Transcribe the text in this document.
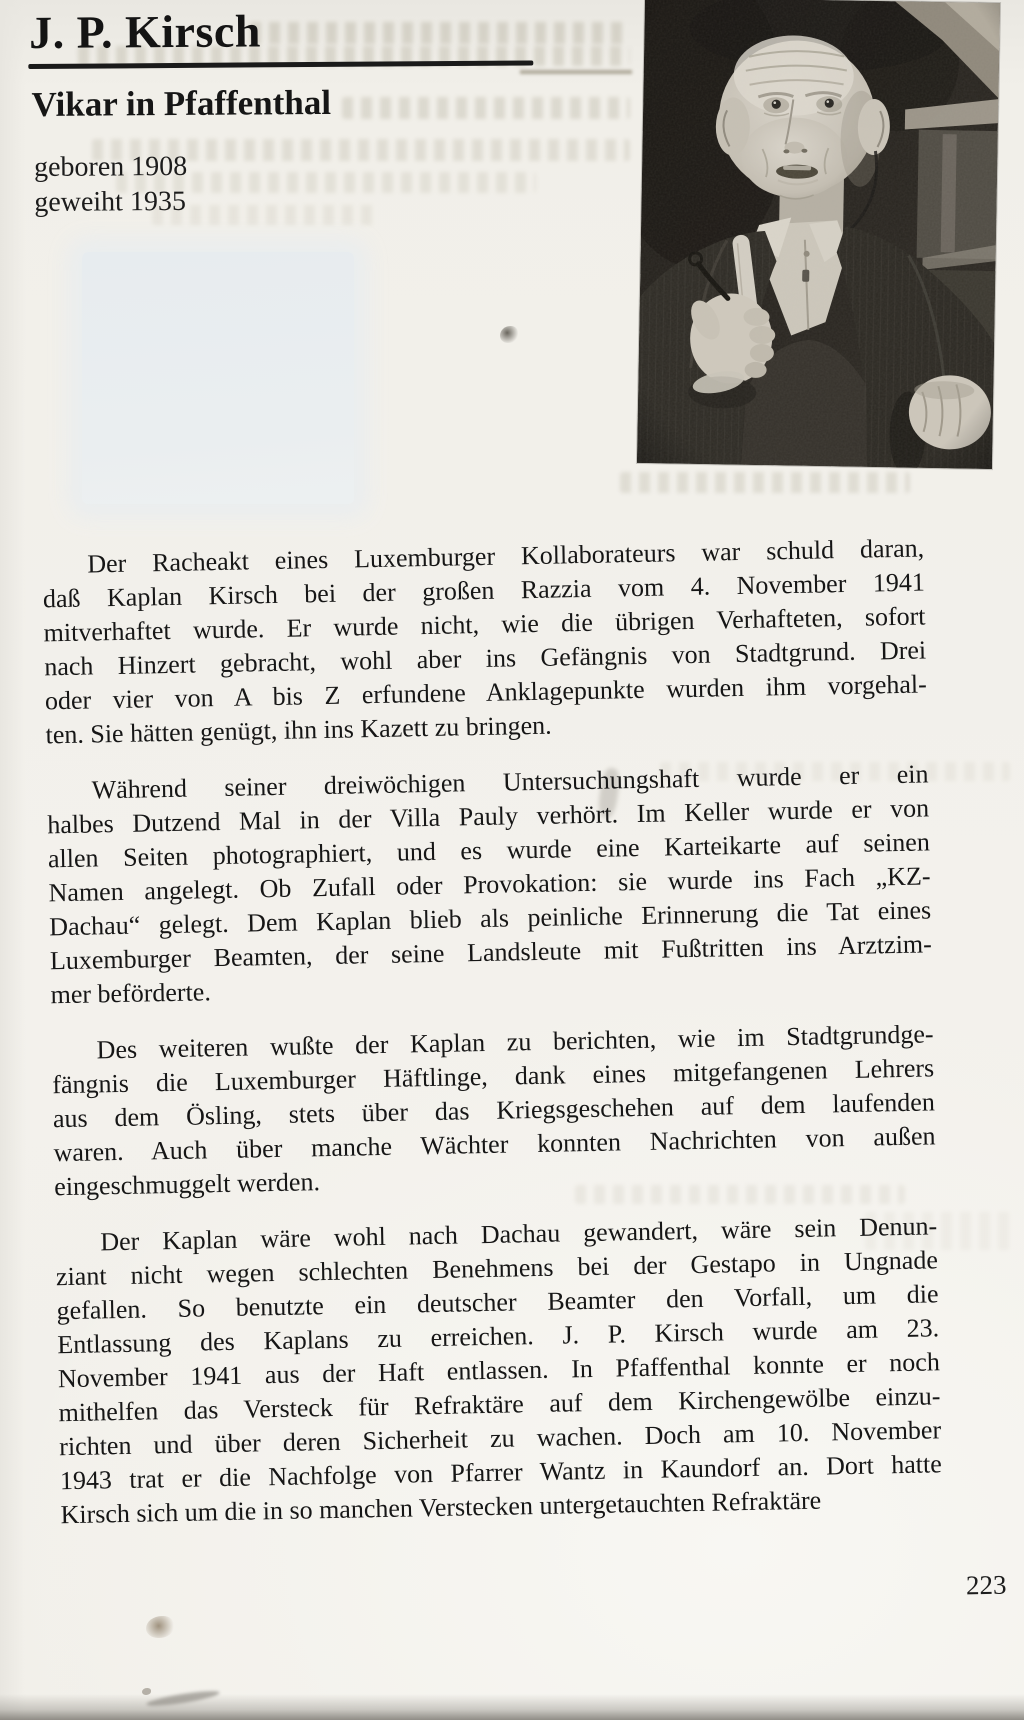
J. P. Kirsch
Vikar in Pfaffenthal
geboren 1908
geweiht 1935
Der Racheakt eines Luxemburger Kollaborateurs war schuld daran,
daß Kaplan Kirsch bei der großen Razzia vom 4. November 1941
mitverhaftet wurde. Er wurde nicht, wie die übrigen Verhafteten, sofort
nach Hinzert gebracht, wohl aber ins Gefängnis von Stadtgrund. Drei
oder vier von A bis Z erfundene Anklagepunkte wurden ihm vorgehal-
ten. Sie hätten genügt, ihn ins Kazett zu bringen.
Während seiner dreiwöchigen Untersuchungshaft wurde er ein
halbes Dutzend Mal in der Villa Pauly verhört. Im Keller wurde er von
allen Seiten photographiert, und es wurde eine Karteikarte auf seinen
Namen angelegt. Ob Zufall oder Provokation: sie wurde ins Fach „KZ-
Dachau“ gelegt. Dem Kaplan blieb als peinliche Erinnerung die Tat eines
Luxemburger Beamten, der seine Landsleute mit Fußtritten ins Arztzim-
mer beförderte.
Des weiteren wußte der Kaplan zu berichten, wie im Stadtgrundge-
fängnis die Luxemburger Häftlinge, dank eines mitgefangenen Lehrers
aus dem Ösling, stets über das Kriegsgeschehen auf dem laufenden
waren. Auch über manche Wächter konnten Nachrichten von außen
eingeschmuggelt werden.
Der Kaplan wäre wohl nach Dachau gewandert, wäre sein Denun-
ziant nicht wegen schlechten Benehmens bei der Gestapo in Ungnade
gefallen. So benutzte ein deutscher Beamter den Vorfall, um die
Entlassung des Kaplans zu erreichen. J. P. Kirsch wurde am 23.
November 1941 aus der Haft entlassen. In Pfaffenthal konnte er noch
mithelfen das Versteck für Refraktäre auf dem Kirchengewölbe einzu-
richten und über deren Sicherheit zu wachen. Doch am 10. November
1943 trat er die Nachfolge von Pfarrer Wantz in Kaundorf an. Dort hatte
Kirsch sich um die in so manchen Verstecken untergetauchten Refraktäre
223
